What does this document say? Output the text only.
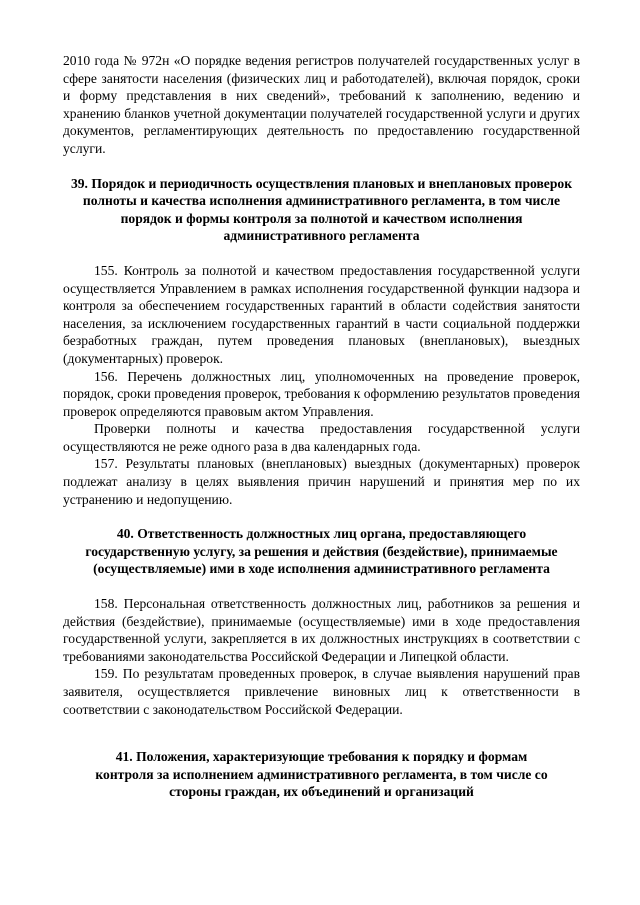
2010 года № 972н «О порядке ведения регистров получателей государственных услуг в сфере занятости населения (физических лиц и работодателей), включая порядок, сроки и форму представления в них сведений», требований к заполнению, ведению и хранению бланков учетной документации получателей государственной услуги и других документов, регламентирующих деятельность по предоставлению государственной услуги.

39. Порядок и периодичность осуществления плановых и внеплановых проверок полноты и качества исполнения административного регламента, в том числе порядок и формы контроля за полнотой и качеством исполнения административного регламента

155. Контроль за полнотой и качеством предоставления государственной услуги осуществляется Управлением в рамках исполнения государственной функции надзора и контроля за обеспечением государственных гарантий в области содействия занятости населения, за исключением государственных гарантий в части социальной поддержки безработных граждан, путем проведения плановых (внеплановых), выездных (документарных) проверок.

156. Перечень должностных лиц, уполномоченных на проведение проверок, порядок, сроки проведения проверок, требования к оформлению результатов проведения проверок определяются правовым актом Управления.

Проверки полноты и качества предоставления государственной услуги осуществляются не реже одного раза в два календарных года.

157. Результаты плановых (внеплановых) выездных (документарных) проверок подлежат анализу в целях выявления причин нарушений и принятия мер по их устранению и недопущению.

40. Ответственность должностных лиц органа, предоставляющего государственную услугу, за решения и действия (бездействие), принимаемые (осуществляемые) ими в ходе исполнения административного регламента

158. Персональная ответственность должностных лиц, работников за решения и действия (бездействие), принимаемые (осуществляемые) ими в ходе предоставления государственной услуги, закрепляется в их должностных инструкциях в соответствии с требованиями законодательства Российской Федерации и Липецкой области.

159. По результатам проведенных проверок, в случае выявления нарушений прав заявителя, осуществляется привлечение виновных лиц к ответственности в соответствии с законодательством Российской Федерации.

41. Положения, характеризующие требования к порядку и формам контроля за исполнением административного регламента, в том числе со стороны граждан, их объединений и организаций
